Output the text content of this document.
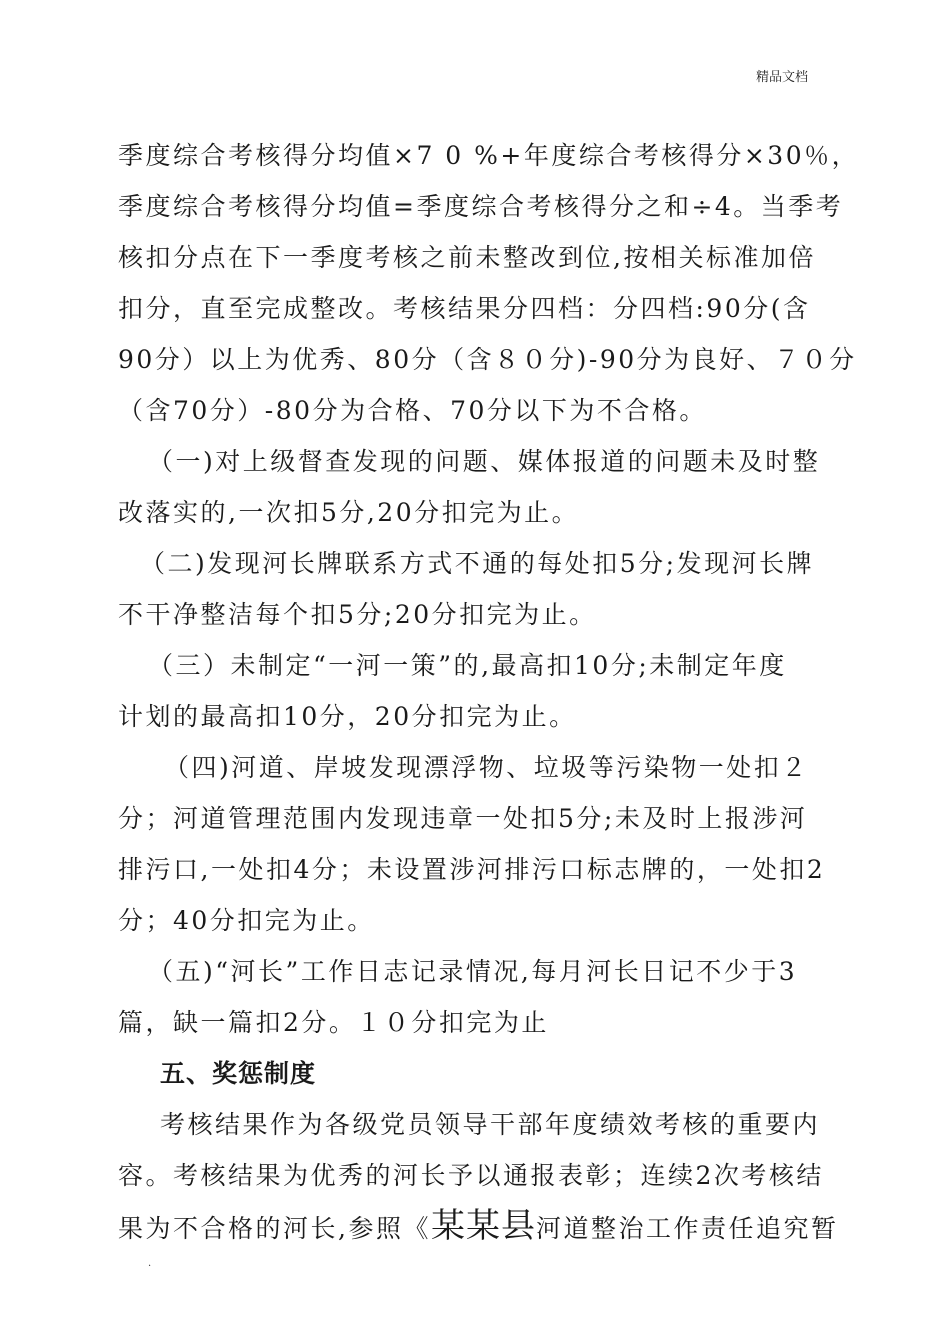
精品文档
季度综合考核得分均值×7 0 %+年度综合考核得分×30％，
季度综合考核得分均值=季度综合考核得分之和÷4。当季考
核扣分点在下一季度考核之前未整改到位,按相关标准加倍
扣分，直至完成整改。考核结果分四档：分四档:90分(含
90分）以上为优秀、80分（含８０分)-90分为良好、７０分
（含70分）-80分为合格、70分以下为不合格。
（一)对上级督查发现的问题、媒体报道的问题未及时整
改落实的,一次扣5分,20分扣完为止。
（二)发现河长牌联系方式不通的每处扣5分;发现河长牌
不干净整洁每个扣5分;20分扣完为止。
（三）未制定“一河一策”的,最高扣10分;未制定年度
计划的最高扣10分，20分扣完为止。
（四)河道、岸坡发现漂浮物、垃圾等污染物一处扣２
分；河道管理范围内发现违章一处扣5分;未及时上报涉河
排污口,一处扣4分；未设置涉河排污口标志牌的，一处扣2
分；40分扣完为止。
（五)“河长”工作日志记录情况,每月河长日记不少于3
篇，缺一篇扣2分。１０分扣完为止
五、奖惩制度
考核结果作为各级党员领导干部年度绩效考核的重要内
容。考核结果为优秀的河长予以通报表彰；连续2次考核结
果为不合格的河长,参照《某某县河道整治工作责任追究暂
.
